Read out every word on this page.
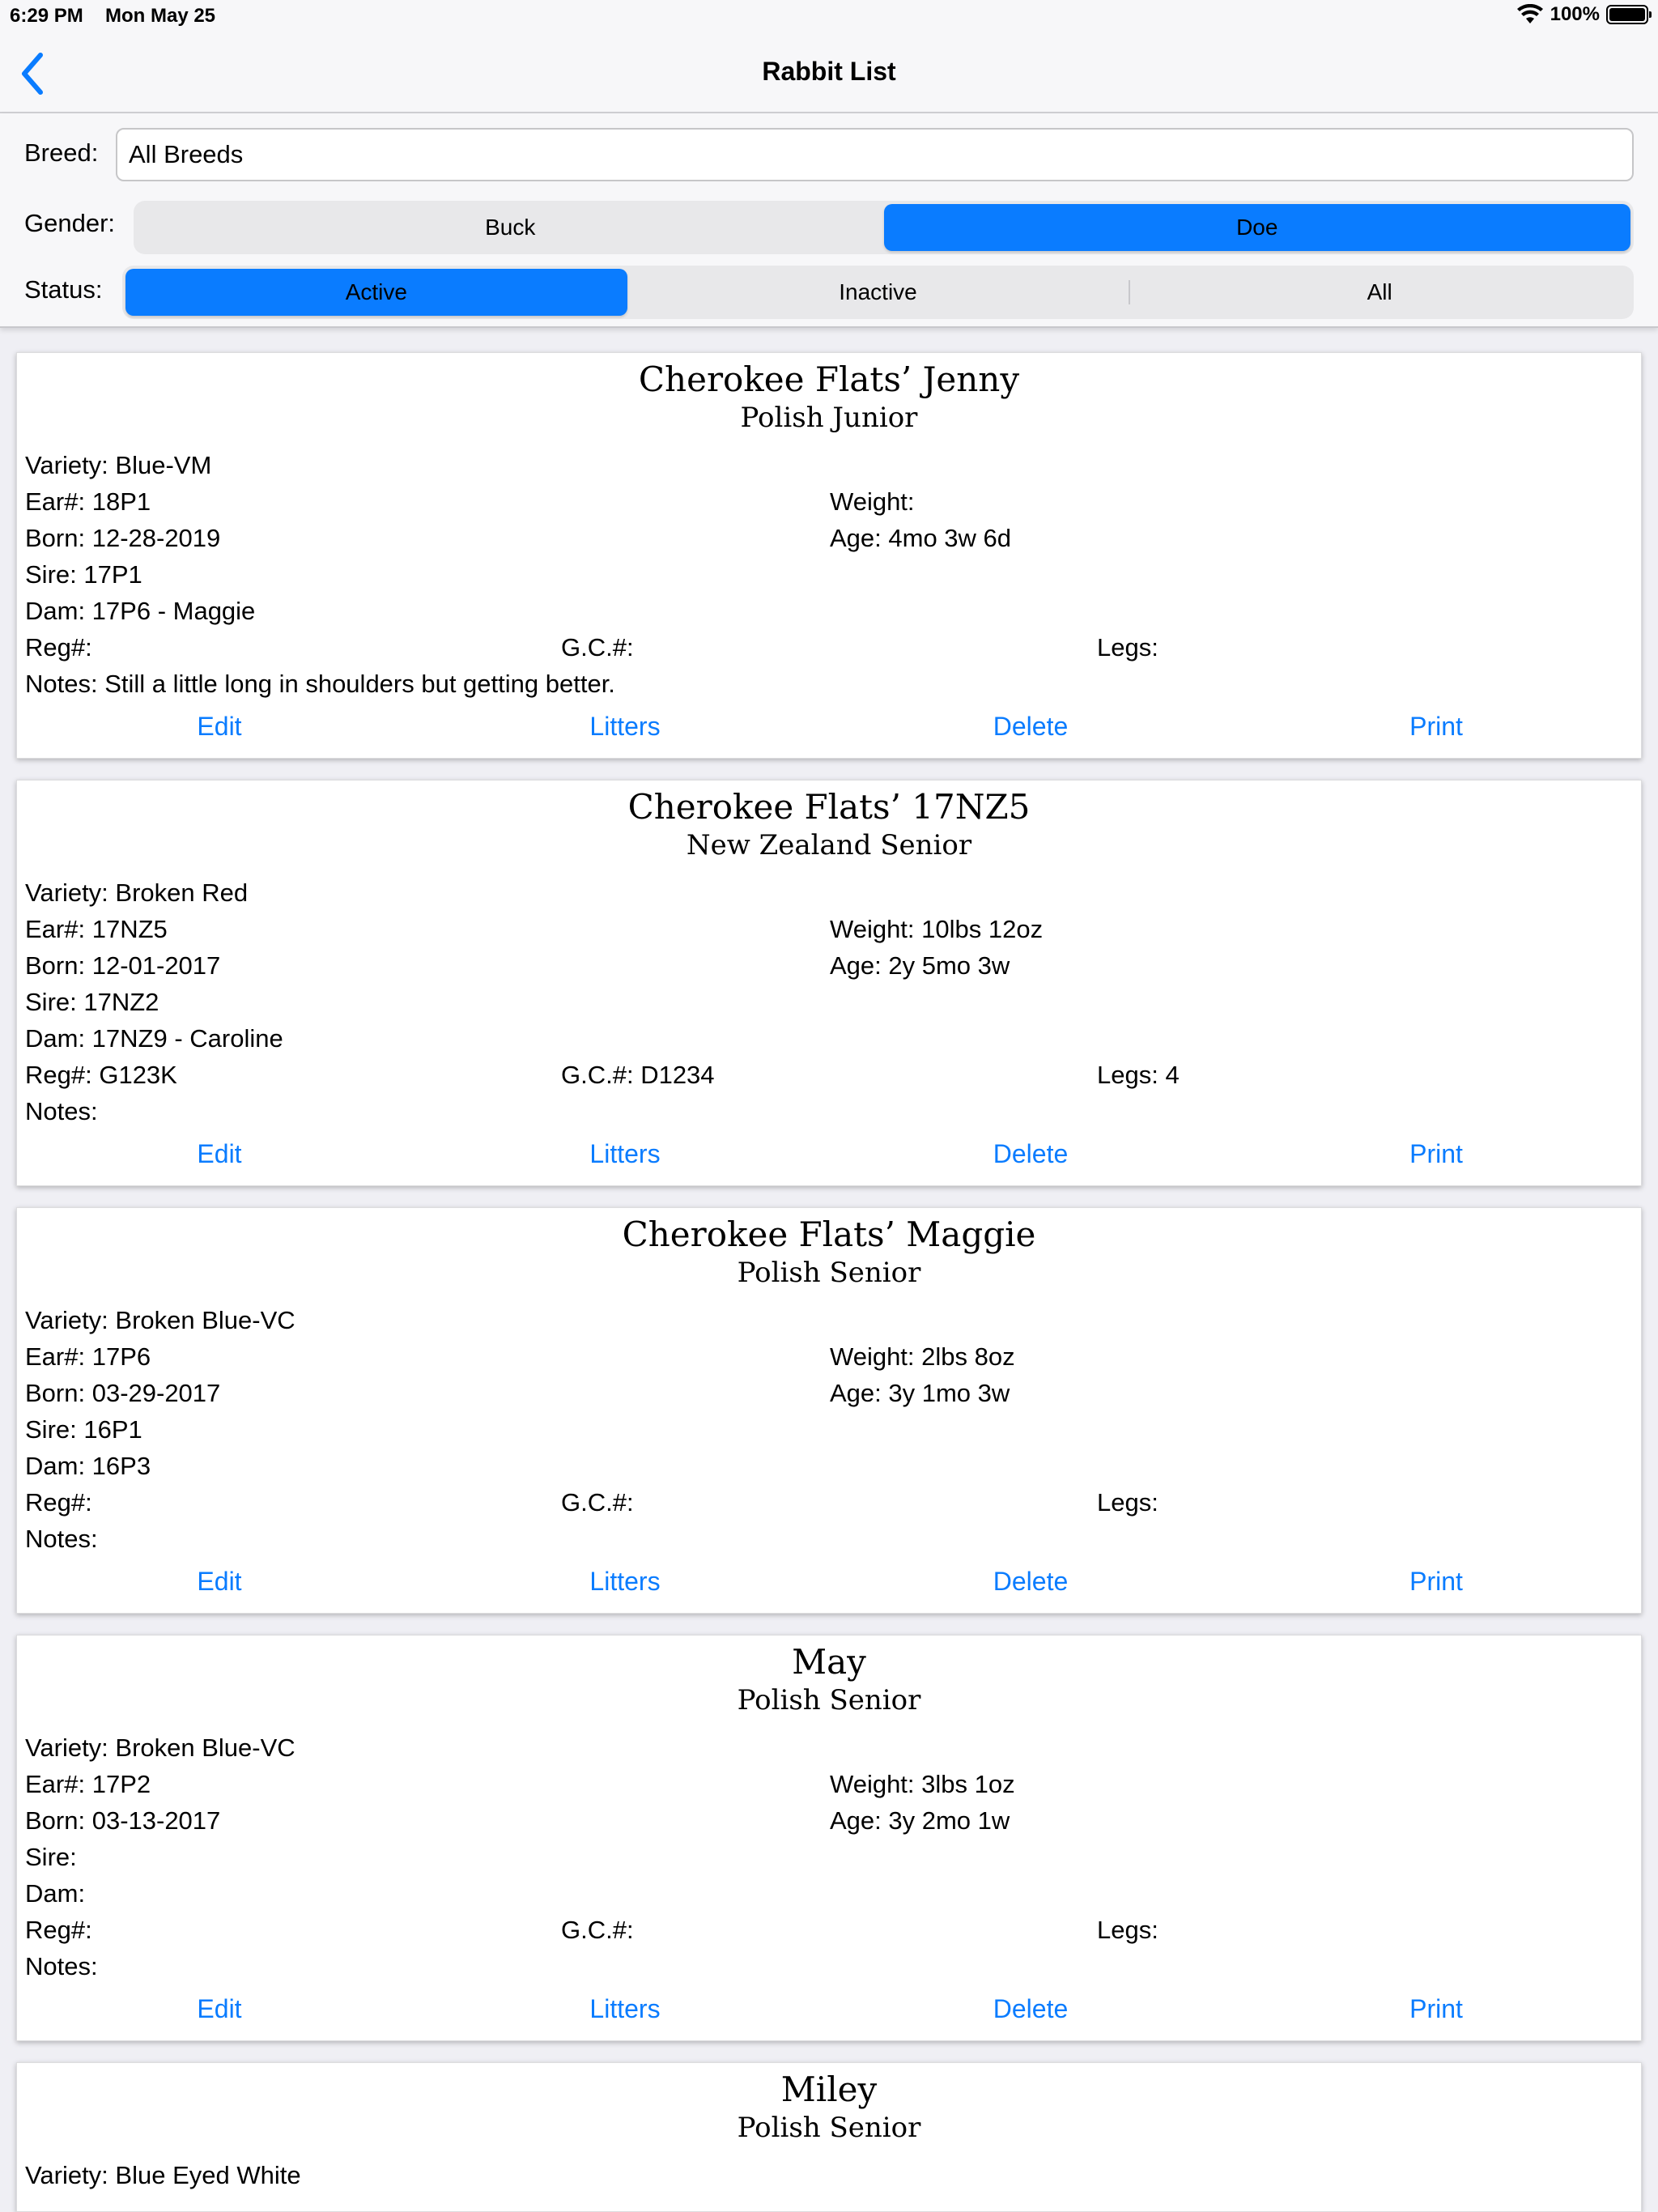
6:29 PM Mon May 25	100%
Rabbit List
Breed:
All Breeds
Gender:	Buck	Doe
Status:	Active	Inactive	All
Cherokee Flats’ Jenny
Polish Junior
Variety: Blue-VM
Ear#: 18P1	Weight:
Born: 12-28-2019	Age: 4mo 3w 6d
Sire: 17P1
Dam: 17P6 - Maggie
Reg#:	G.C.#:	Legs:
Notes: Still a little long in shoulders but getting better.
Edit	Litters	Delete	Print
Cherokee Flats’ 17NZ5
New Zealand Senior
Variety: Broken Red
Ear#: 17NZ5	Weight: 10lbs 12oz
Born: 12-01-2017	Age: 2y 5mo 3w
Sire: 17NZ2
Dam: 17NZ9 - Caroline
Reg#: G123K	G.C.#: D1234	Legs: 4
Notes:
Edit	Litters	Delete	Print
Cherokee Flats’ Maggie
Polish Senior
Variety: Broken Blue-VC
Ear#: 17P6	Weight: 2lbs 8oz
Born: 03-29-2017	Age: 3y 1mo 3w
Sire: 16P1
Dam: 16P3
Reg#:	G.C.#:	Legs:
Notes:
Edit	Litters	Delete	Print
May
Polish Senior
Variety: Broken Blue-VC
Ear#: 17P2	Weight: 3lbs 1oz
Born: 03-13-2017	Age: 3y 2mo 1w
Sire:
Dam:
Reg#:	G.C.#:	Legs:
Notes:
Edit	Litters	Delete	Print
Miley
Polish Senior
Variety: Blue Eyed White
